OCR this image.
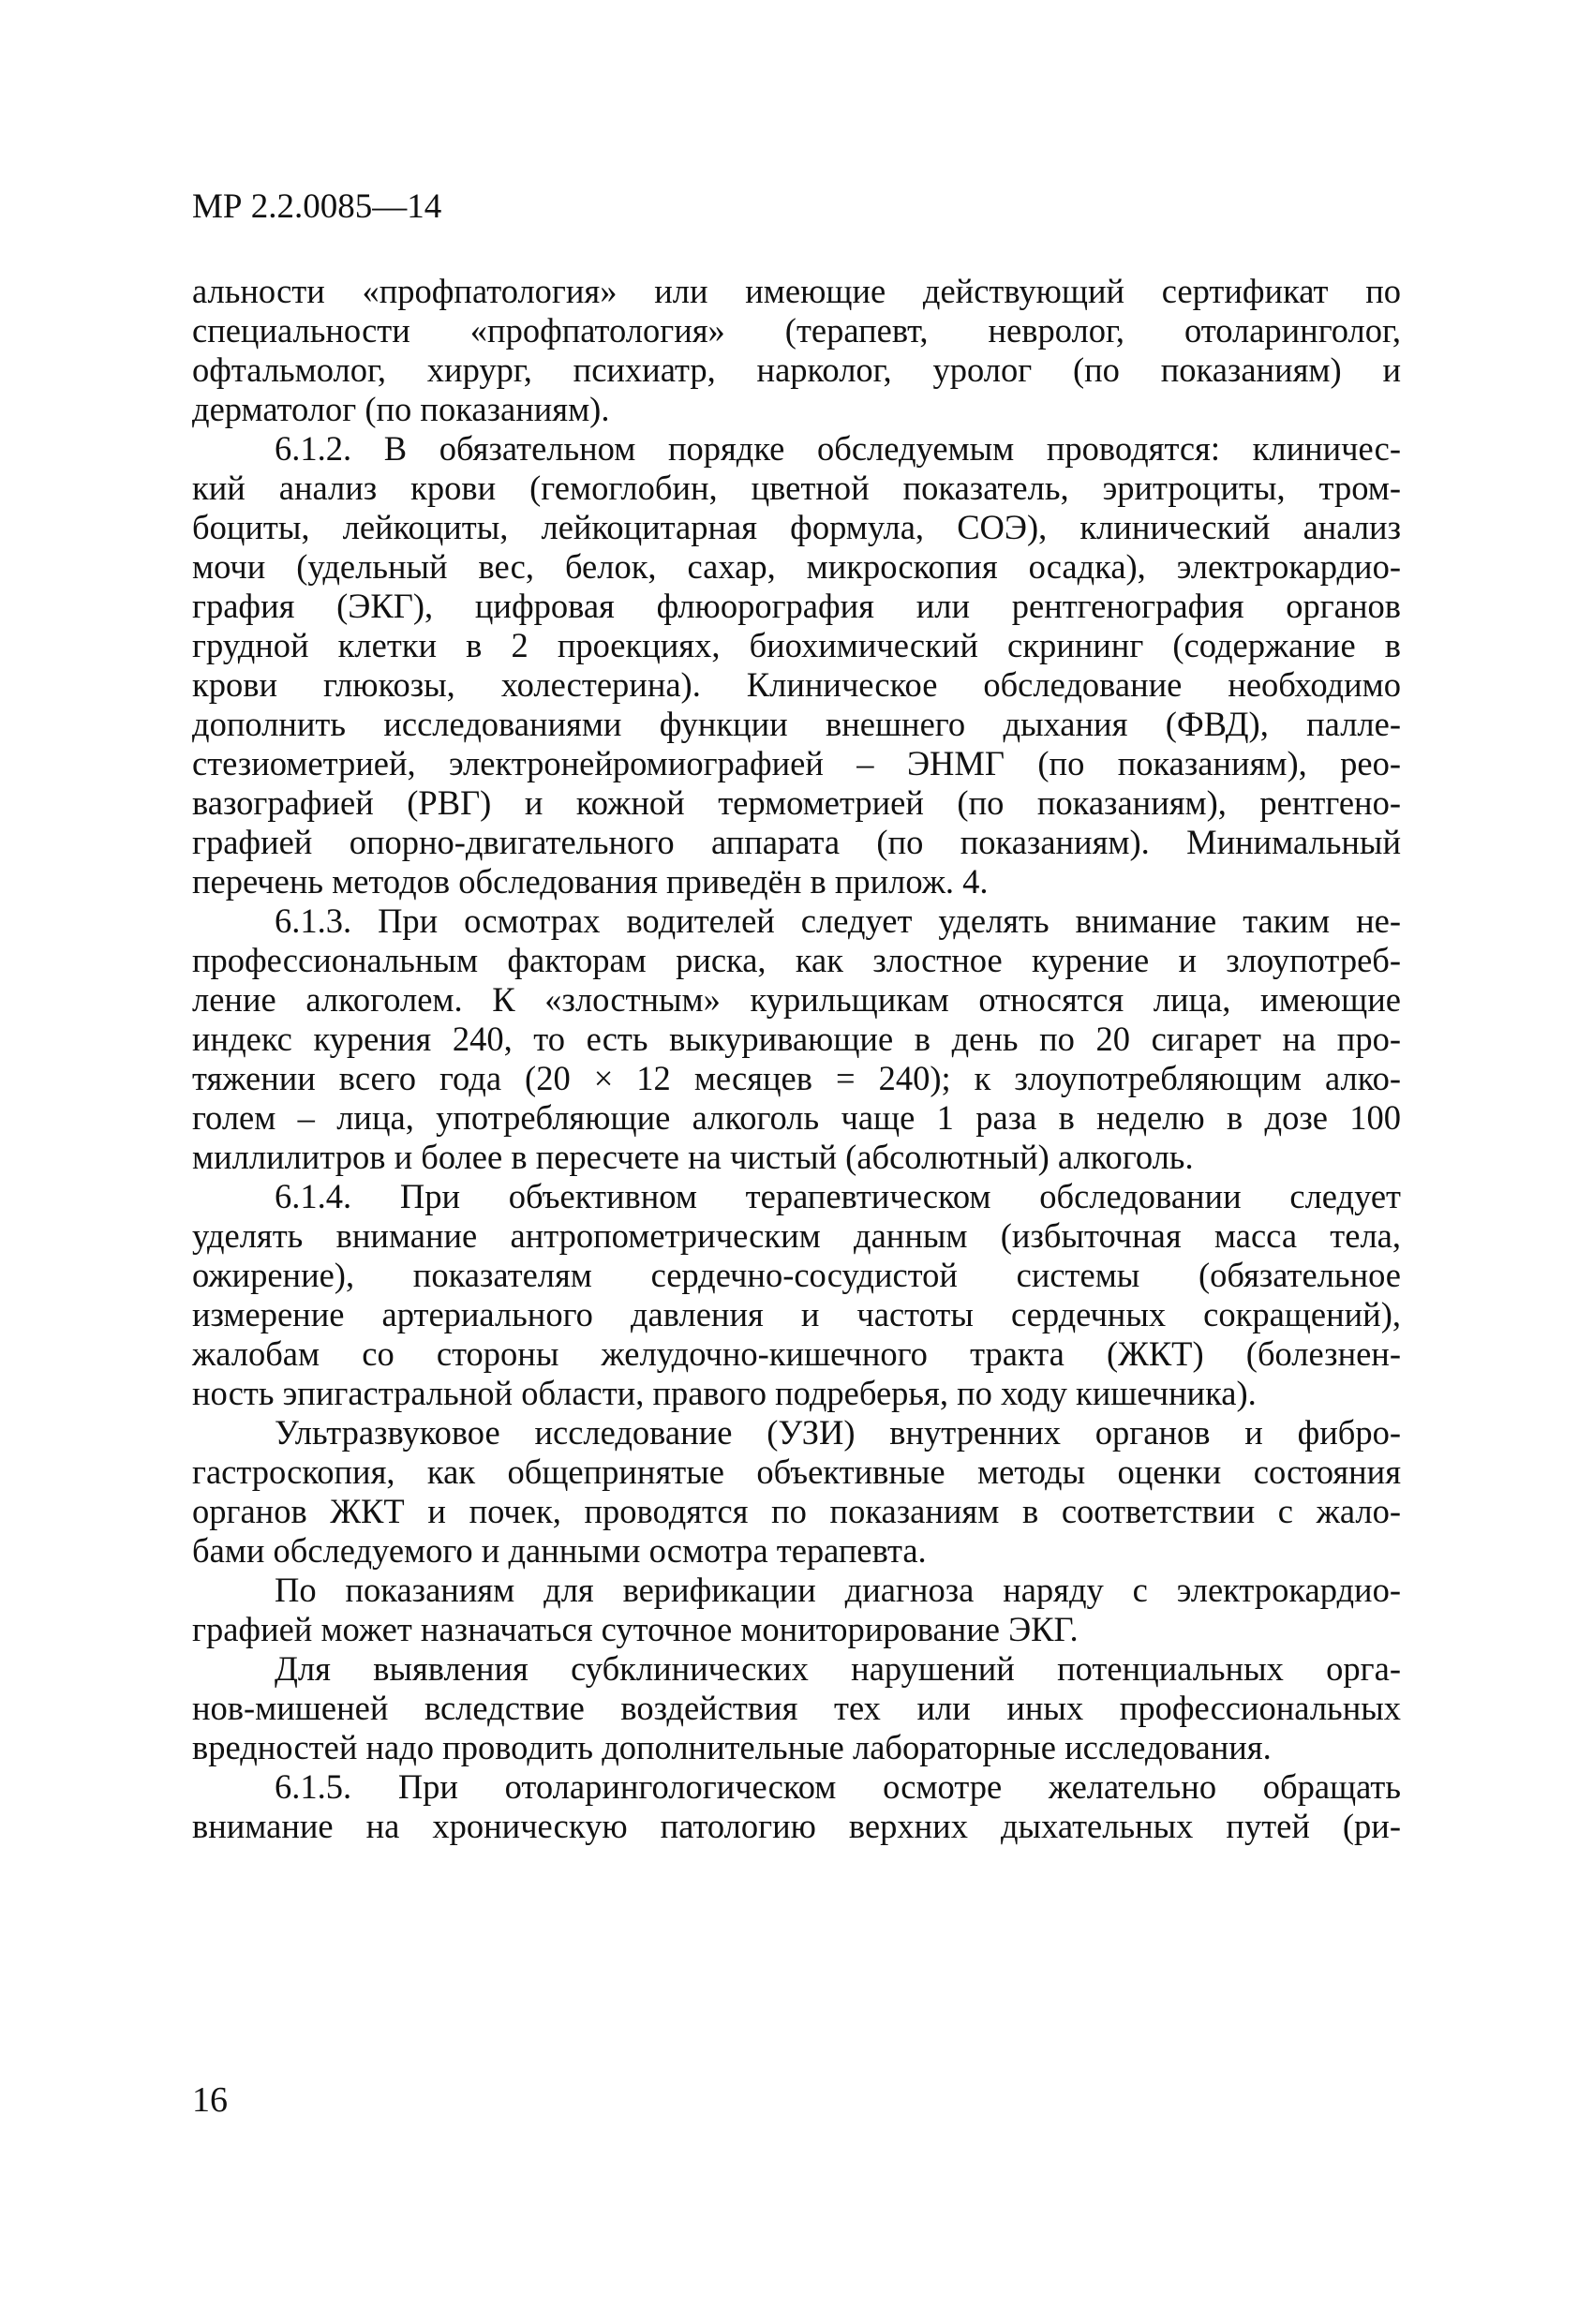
МР 2.2.0085—14
альности «профпатология» или имеющие действующий сертификат по
специальности «профпатология» (терапевт, невролог, отоларинголог,
офтальмолог, хирург, психиатр, нарколог, уролог (по показаниям) и
дерматолог (по показаниям).
6.1.2. В обязательном порядке обследуемым проводятся: клиничес-
кий анализ крови (гемоглобин, цветной показатель, эритроциты, тром-
боциты, лейкоциты, лейкоцитарная формула, СОЭ), клинический анализ
мочи (удельный вес, белок, сахар, микроскопия осадка), электрокардио-
графия (ЭКГ), цифровая флюорография или рентгенография органов
грудной клетки в 2 проекциях, биохимический скрининг (содержание в
крови глюкозы, холестерина). Клиническое обследование необходимо
дополнить исследованиями функции внешнего дыхания (ФВД), палле-
стезиометрией, электронейромиографией – ЭНМГ (по показаниям), рео-
вазографией (РВГ) и кожной термометрией (по показаниям), рентгено-
графией опорно-двигательного аппарата (по показаниям). Минимальный
перечень методов обследования приведён в прилож. 4.
6.1.3. При осмотрах водителей следует уделять внимание таким не-
профессиональным факторам риска, как злостное курение и злоупотреб-
ление алкоголем. К «злостным» курильщикам относятся лица, имеющие
индекс курения 240, то есть выкуривающие в день по 20 сигарет на про-
тяжении всего года (20 × 12 месяцев = 240); к злоупотребляющим алко-
голем – лица, употребляющие алкоголь чаще 1 раза в неделю в дозе 100
миллилитров и более в пересчете на чистый (абсолютный) алкоголь.
6.1.4. При объективном терапевтическом обследовании следует
уделять внимание антропометрическим данным (избыточная масса тела,
ожирение), показателям сердечно-сосудистой системы (обязательное
измерение артериального давления и частоты сердечных сокращений),
жалобам со стороны желудочно-кишечного тракта (ЖКТ) (болезнен-
ность эпигастральной области, правого подреберья, по ходу кишечника).
Ультразвуковое исследование (УЗИ) внутренних органов и фибро-
гастроскопия, как общепринятые объективные методы оценки состояния
органов ЖКТ и почек, проводятся по показаниям в соответствии с жало-
бами обследуемого и данными осмотра терапевта.
По показаниям для верификации диагноза наряду с электрокардио-
графией может назначаться суточное мониторирование ЭКГ.
Для выявления субклинических нарушений потенциальных орга-
нов-мишеней вследствие воздействия тех или иных профессиональных
вредностей надо проводить дополнительные лабораторные исследования.
6.1.5. При отоларингологическом осмотре желательно обращать
внимание на хроническую патологию верхних дыхательных путей (ри-
16
